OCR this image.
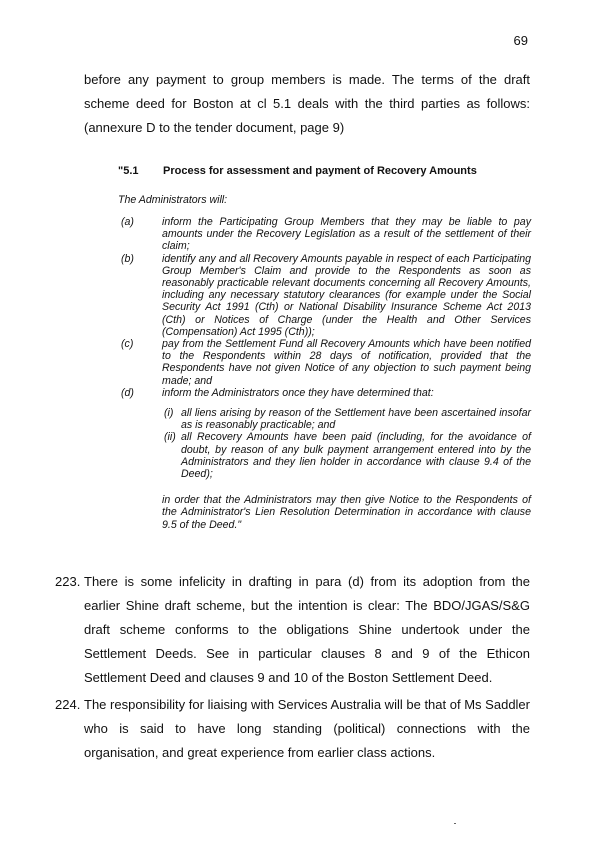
69
before any payment to group members is made. The terms of the draft scheme deed for Boston at cl 5.1 deals with the third parties as follows: (annexure D to the tender document, page 9)
"5.1 Process for assessment and payment of Recovery Amounts
The Administrators will:

(a)	inform the Participating Group Members that they may be liable to pay amounts under the Recovery Legislation as a result of the settlement of their claim;

(b)	identify any and all Recovery Amounts payable in respect of each Participating Group Member's Claim and provide to the Respondents as soon as reasonably practicable relevant documents concerning all Recovery Amounts, including any necessary statutory clearances (for example under the Social Security Act 1991 (Cth) or National Disability Insurance Scheme Act 2013 (Cth) or Notices of Charge (under the Health and Other Services (Compensation) Act 1995 (Cth));

(c)	pay from the Settlement Fund all Recovery Amounts which have been notified to the Respondents within 28 days of notification, provided that the Respondents have not given Notice of any objection to such payment being made; and

(d)	inform the Administrators once they have determined that:

(i) all liens arising by reason of the Settlement have been ascertained insofar as is reasonably practicable; and
(ii) all Recovery Amounts have been paid (including, for the avoidance of doubt, by reason of any bulk payment arrangement entered into by the Administrators and they lien holder in accordance with clause 9.4 of the Deed);
in order that the Administrators may then give Notice to the Respondents of the Administrator's Lien Resolution Determination in accordance with clause 9.5 of the Deed."
223. There is some infelicity in drafting in para (d) from its adoption from the earlier Shine draft scheme, but the intention is clear: The BDO/JGAS/S&G draft scheme conforms to the obligations Shine undertook under the Settlement Deeds. See in particular clauses 8 and 9 of the Ethicon Settlement Deed and clauses 9 and 10 of the Boston Settlement Deed.
224. The responsibility for liaising with Services Australia will be that of Ms Saddler who is said to have long standing (political) connections with the organisation, and great experience from earlier class actions.
